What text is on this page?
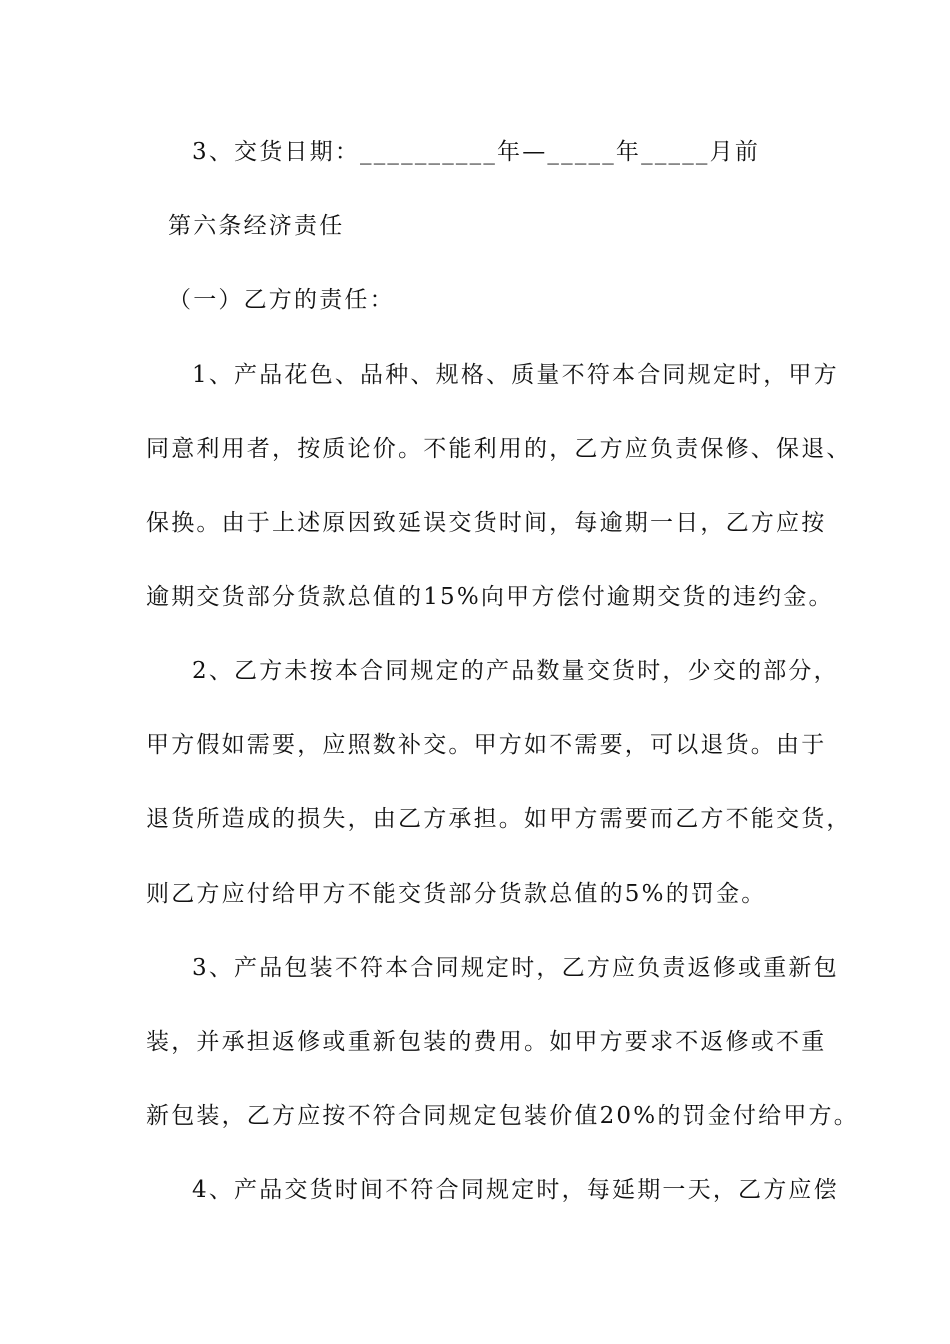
3、交货日期：__________年—_____年_____月前
第六条经济责任
（一）乙方的责任：
1、产品花色、品种、规格、质量不符本合同规定时，甲方
同意利用者，按质论价。不能利用的，乙方应负责保修、保退、
保换。由于上述原因致延误交货时间，每逾期一日，乙方应按
逾期交货部分货款总值的15%向甲方偿付逾期交货的违约金。
2、乙方未按本合同规定的产品数量交货时，少交的部分，
甲方假如需要，应照数补交。甲方如不需要，可以退货。由于
退货所造成的损失，由乙方承担。如甲方需要而乙方不能交货，
则乙方应付给甲方不能交货部分货款总值的5%的罚金。
3、产品包装不符本合同规定时，乙方应负责返修或重新包
装，并承担返修或重新包装的费用。如甲方要求不返修或不重
新包装，乙方应按不符合同规定包装价值20%的罚金付给甲方。
4、产品交货时间不符合同规定时，每延期一天，乙方应偿
